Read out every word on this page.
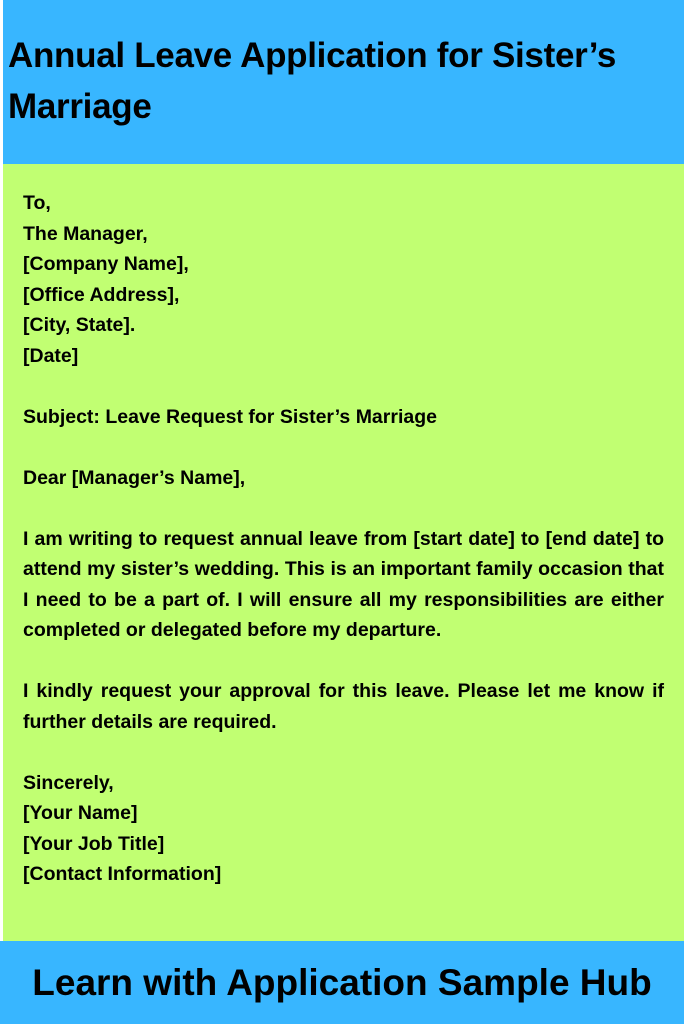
Annual Leave Application for Sister’s Marriage

To,

The Manager,

[Company Name],

[Office Address],

[City, State].

[Date]

Subject: Leave Request for Sister’s Marriage

Dear [Manager’s Name],

I am writing to request annual leave from [start date] to [end date] to attend my sister’s wedding. This is an important family occasion that I need to be a part of. I will ensure all my responsibilities are either completed or delegated before my departure.

I kindly request your approval for this leave. Please let me know if further details are required.

Sincerely,

[Your Name]

[Your Job Title]

[Contact Information]

Learn with Application Sample Hub
